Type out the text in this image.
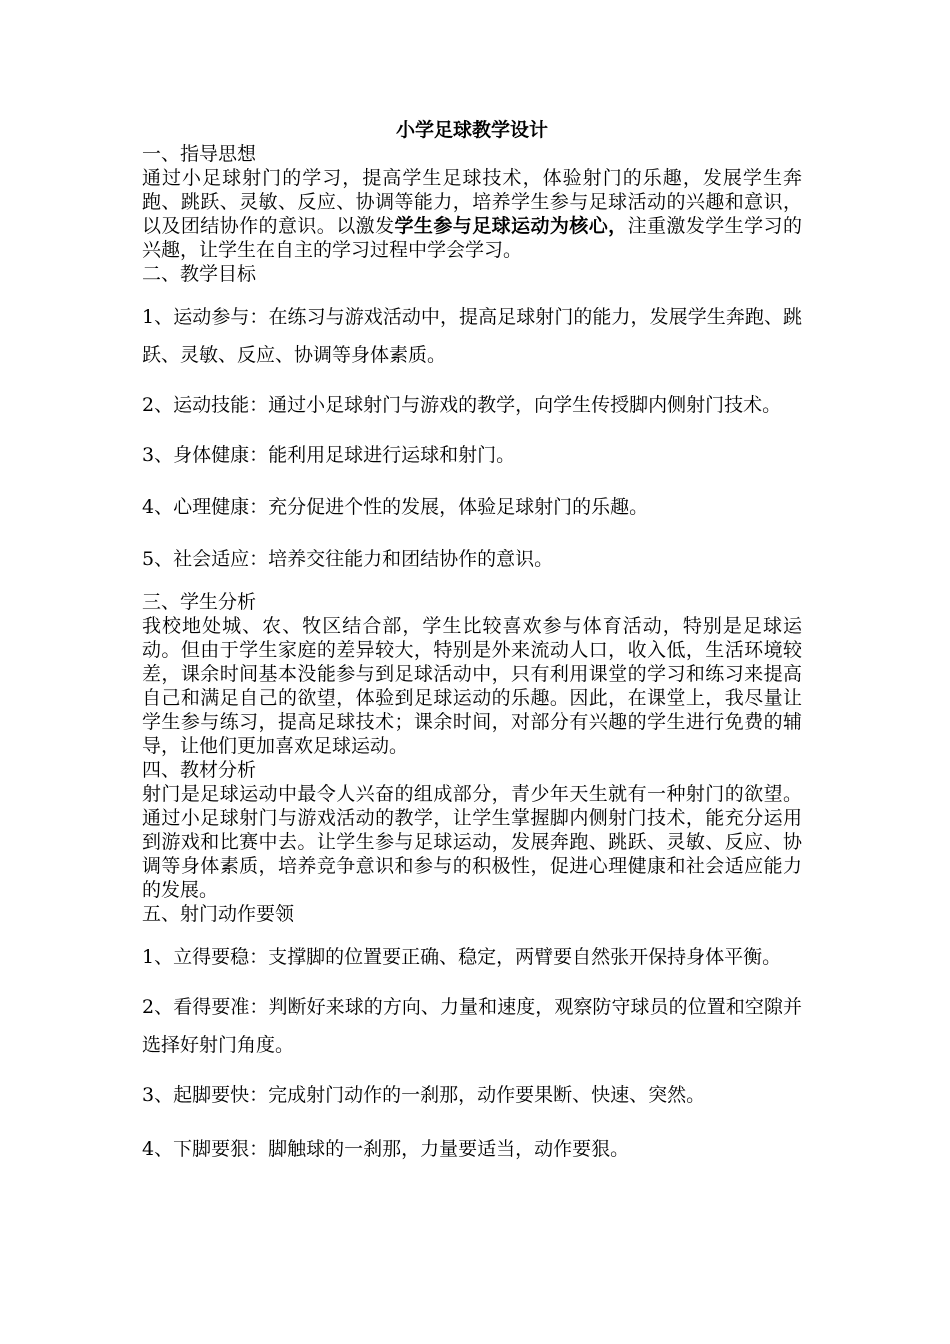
小学足球教学设计

一、指导思想

通过小足球射门的学习，提高学生足球技术，体验射门的乐趣，发展学生奔跑、跳跃、灵敏、反应、协调等能力，培养学生参与足球活动的兴趣和意识，以及团结协作的意识。以激发学生参与足球运动为核心，注重激发学生学习的兴趣，让学生在自主的学习过程中学会学习。

二、教学目标

1、运动参与：在练习与游戏活动中，提高足球射门的能力，发展学生奔跑、跳跃、灵敏、反应、协调等身体素质。

2、运动技能：通过小足球射门与游戏的教学，向学生传授脚内侧射门技术。

3、身体健康：能利用足球进行运球和射门。

4、心理健康：充分促进个性的发展，体验足球射门的乐趣。

5、社会适应：培养交往能力和团结协作的意识。

三、学生分析

我校地处城、农、牧区结合部，学生比较喜欢参与体育活动，特别是足球运动。但由于学生家庭的差异较大，特别是外来流动人口，收入低，生活环境较差，课余时间基本没能参与到足球活动中，只有利用课堂的学习和练习来提高自己和满足自己的欲望，体验到足球运动的乐趣。因此，在课堂上，我尽量让学生参与练习，提高足球技术；课余时间，对部分有兴趣的学生进行免费的辅导，让他们更加喜欢足球运动。

四、教材分析

射门是足球运动中最令人兴奋的组成部分，青少年天生就有一种射门的欲望。通过小足球射门与游戏活动的教学，让学生掌握脚内侧射门技术，能充分运用到游戏和比赛中去。让学生参与足球运动，发展奔跑、跳跃、灵敏、反应、协调等身体素质，培养竞争意识和参与的积极性，促进心理健康和社会适应能力的发展。

五、射门动作要领

1、立得要稳：支撑脚的位置要正确、稳定，两臂要自然张开保持身体平衡。

2、看得要准：判断好来球的方向、力量和速度，观察防守球员的位置和空隙并选择好射门角度。

3、起脚要快：完成射门动作的一刹那，动作要果断、快速、突然。

4、下脚要狠：脚触球的一刹那，力量要适当，动作要狠。
